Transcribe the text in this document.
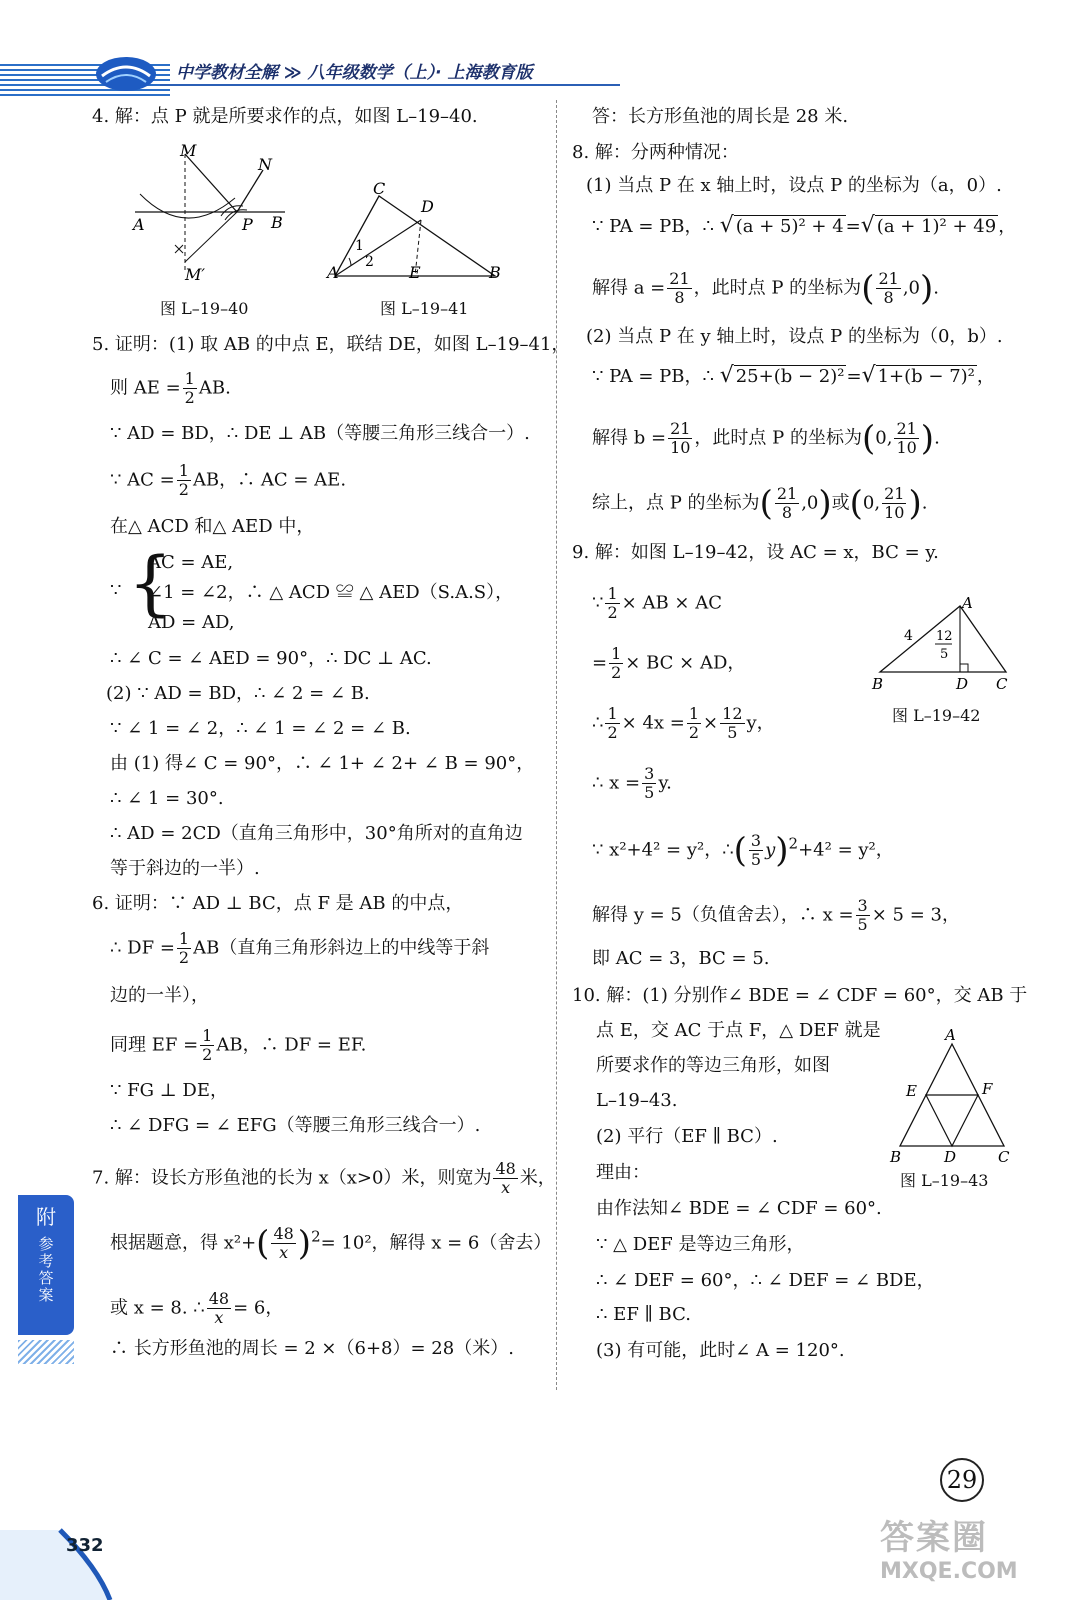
中学教材全解 ≫ 八年级数学（上）· 上海教育版
4. 解：点 P 就是所要求作的点，如图 L–19–40.
M
N
A	P B
M′
图 L–19–40
C
D
A	E	B
1
2
图 L–19–41
5. 证明：(1) 取 AB 的中点 E，联结 DE，如图 L–19–41，
则 AE = $\frac{1}{2}$ AB.
∵ AD = BD，∴ DE ⊥ AB（等腰三角形三线合一）.
∵ AC = $\frac{1}{2}$ AB，∴ AC = AE.
在△ ACD 和△ AED 中，
∵ {
AC = AE,
∠1 = ∠2，∴ △ ACD ≌ △ AED（S.A.S），
AD = AD,
∴ ∠ C = ∠ AED = 90°，∴ DC ⊥ AC.
(2) ∵ AD = BD，∴ ∠ 2 = ∠ B.
∵ ∠ 1 = ∠ 2，∴ ∠ 1 = ∠ 2 = ∠ B.
由 (1) 得∠ C = 90°，∴ ∠ 1+ ∠ 2+ ∠ B = 90°，
∴ ∠ 1 = 30°.
∴ AD = 2CD（直角三角形中，30°角所对的直角边
等于斜边的一半）.
6. 证明：∵ AD ⊥ BC，点 F 是 AB 的中点，
∴ DF = $\frac{1}{2} AB$（直角三角形斜边上的中线等于斜
边的一半），
同理 EF = $\frac{1}{2}$ AB，∴ DF = EF.
∵ FG ⊥ DE，
∴ ∠ DFG = ∠ EFG（等腰三角形三线合一）.
7. 解：设长方形鱼池的长为 x（x>0）米，则宽为 $\frac{48}{x}$ 米，
根据题意，得 $x^2+( \frac{48}{x} )^2= 10^2$，解得 x = 6（舍去）
或 x = 8. ∴ $\frac{48}{x} = 6$，
∴ 长方形鱼池的周长 = 2 ×（6+8）= 28（米）.
答：长方形鱼池的周长是 28 米.
8. 解：分两种情况：
(1) 当点 P 在 x 轴上时，设点 P 的坐标为（a，0）.
∵ PA = PB，∴ √ (a + 5)² + 4 =√ (a + 1)² + 49 ，
解得 $a = \frac{21}{8}$ ，此时点 P 的坐标为( $\frac{21}{8} ,0$).
(2) 当点 P 在 y 轴上时，设点 P 的坐标为（0，b）.
∵ PA = PB，∴ √ 25+(b − 2)² =√ 1+(b − 7)² ，
解得 $b = \frac{21}{10}$ ，此时点 P 的坐标为(0, $\frac{21}{10}$ ).
综上，点 P 的坐标为( $\frac{21}{8} ,0$)或(0, $\frac{21}{10}$ ).
9. 解：如图 L–19–42，设 AC = x，BC = y.
∵ $\frac{1}{2}$ × AB × AC
= $\frac{1}{2}$ × BC × AD，
∴ $\frac{1}{2} \times 4x = \frac{1}{2} \times \frac{12}{5}$ y，
∴ $x = \frac{3}{5} y$.
∵ x²+4² = y²，∴( $\frac{3}{5} y)^2+4^2 = y^2$，
解得 y = 5（负值舍去），∴ $x = \frac{3}{5} \times 5 = 3$，
即 AC = 3，BC = 5.
A
B	D C
4 12
5
图 L–19–42
10. 解：(1) 分别作∠ BDE = ∠ CDF = 60°，交 AB 于
点 E，交 AC 于点 F，△ DEF 就是
所要求作的等边三角形，如图
L–19–43.
(2) 平行（EF ∥ BC）.
理由：
由作法知∠ BDE = ∠ CDF = 60°.
∵ △ DEF 是等边三角形，
∴ ∠ DEF = 60°，∴ ∠ DEF = ∠ BDE，
∴ EF ∥ BC.
(3) 有可能，此时∠ A = 120°.
A
E	F
B	D	C
图 L–19–43
附
参考答案
332
29
答案圈
MXQE.COM
